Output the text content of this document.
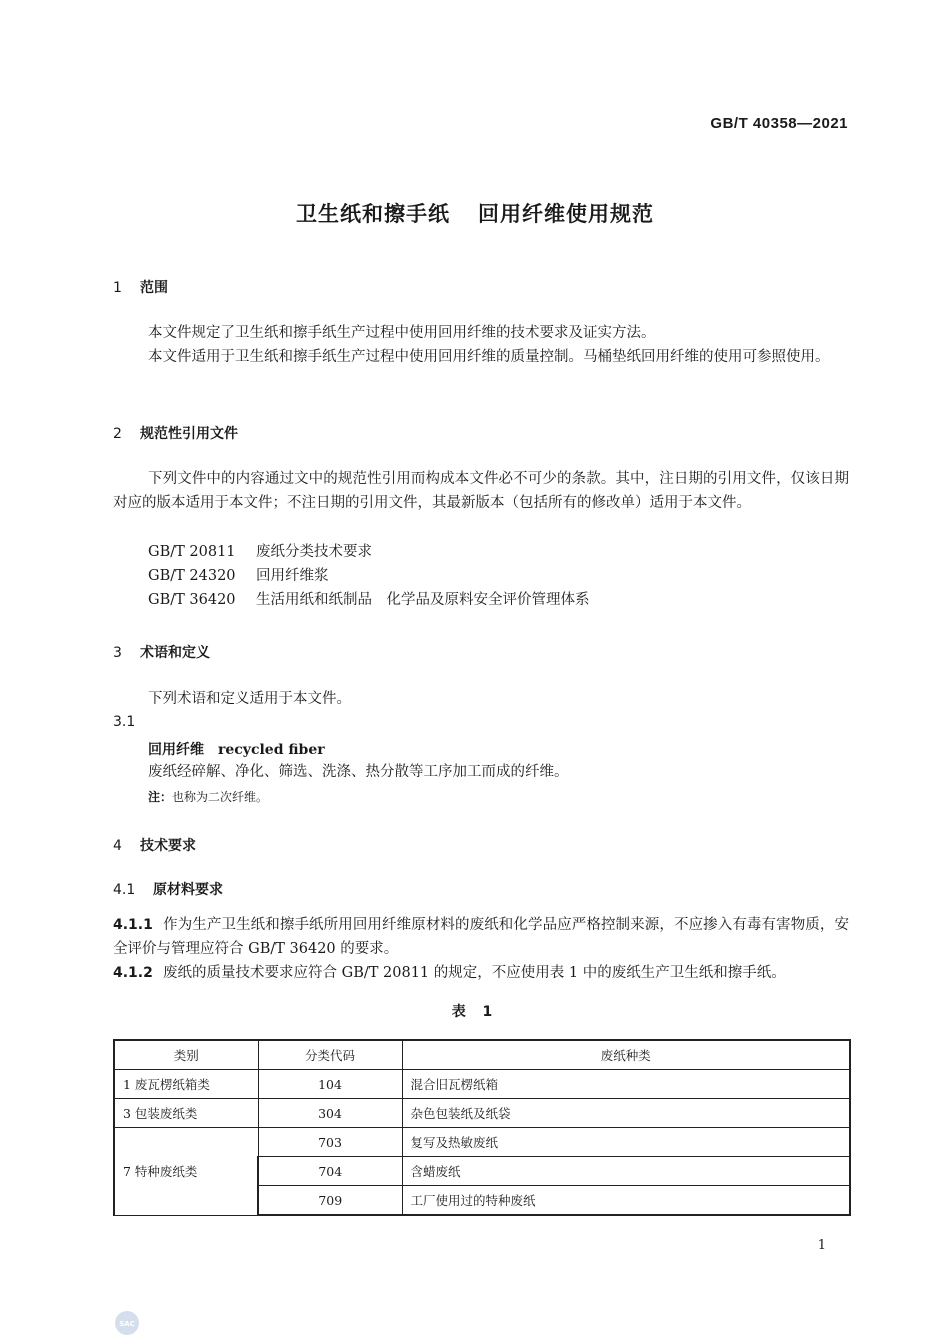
GB/T 40358—2021
卫生纸和擦手纸 回用纤维使用规范
1 范围
本文件规定了卫生纸和擦手纸生产过程中使用回用纤维的技术要求及证实方法。
本文件适用于卫生纸和擦手纸生产过程中使用回用纤维的质量控制。马桶垫纸回用纤维的使用可参照使用。
2 规范性引用文件
下列文件中的内容通过文中的规范性引用而构成本文件必不可少的条款。其中，注日期的引用文件，仅该日期对应的版本适用于本文件；不注日期的引用文件，其最新版本（包括所有的修改单）适用于本文件。
GB/T 20811 废纸分类技术要求
GB/T 24320 回用纤维浆
GB/T 36420 生活用纸和纸制品　化学品及原料安全评价管理体系
3 术语和定义
下列术语和定义适用于本文件。
3.1
回用纤维 recycled fiber
废纸经碎解、净化、筛选、洗涤、热分散等工序加工而成的纤维。
注：也称为二次纤维。
4 技术要求
4.1 原材料要求
4.1.1 作为生产卫生纸和擦手纸所用回用纤维原材料的废纸和化学品应严格控制来源，不应掺入有毒有害物质，安全评价与管理应符合 GB/T 36420 的要求。
4.1.2 废纸的质量技术要求应符合 GB/T 20811 的规定，不应使用表 1 中的废纸生产卫生纸和擦手纸。
表 1
类别	分类代码	废纸种类
1 废瓦楞纸箱类	104	混合旧瓦楞纸箱
3 包装废纸类	304	杂色包装纸及纸袋
7 特种废纸类	703	复写及热敏废纸
	704	含蜡废纸
	709	工厂使用过的特种废纸
1
SAC
